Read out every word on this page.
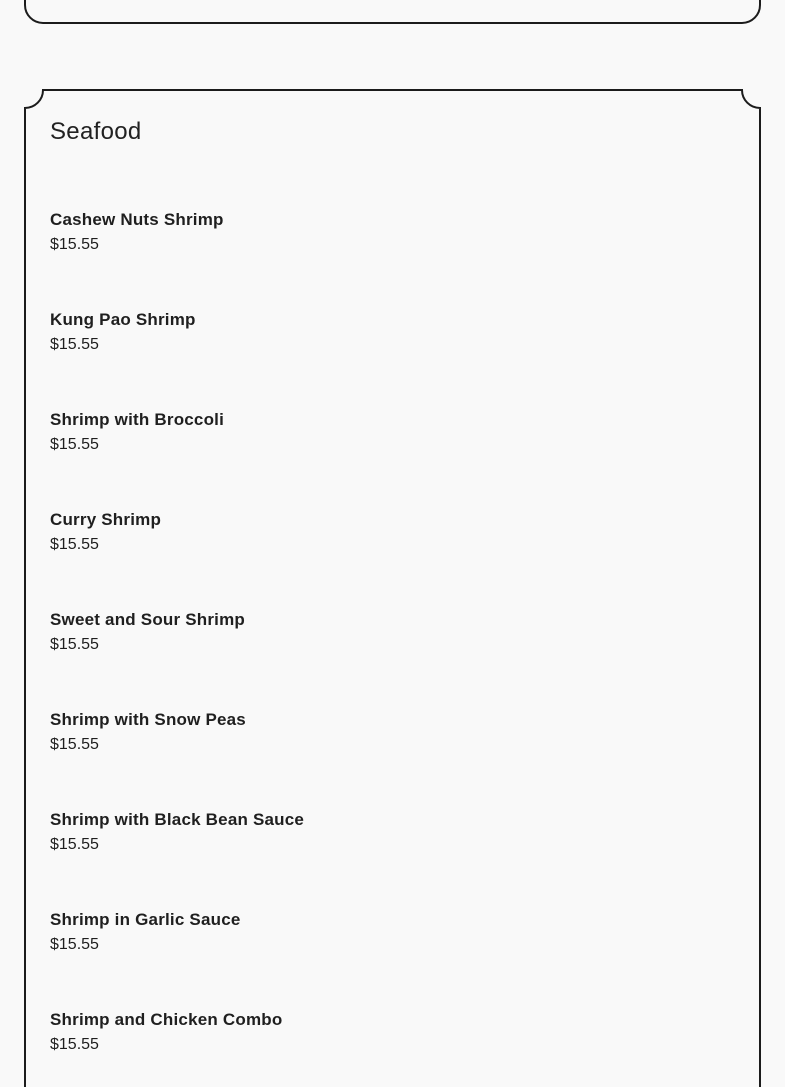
Seafood
Cashew Nuts Shrimp
$15.55
Kung Pao Shrimp
$15.55
Shrimp with Broccoli
$15.55
Curry Shrimp
$15.55
Sweet and Sour Shrimp
$15.55
Shrimp with Snow Peas
$15.55
Shrimp with Black Bean Sauce
$15.55
Shrimp in Garlic Sauce
$15.55
Shrimp and Chicken Combo
$15.55
